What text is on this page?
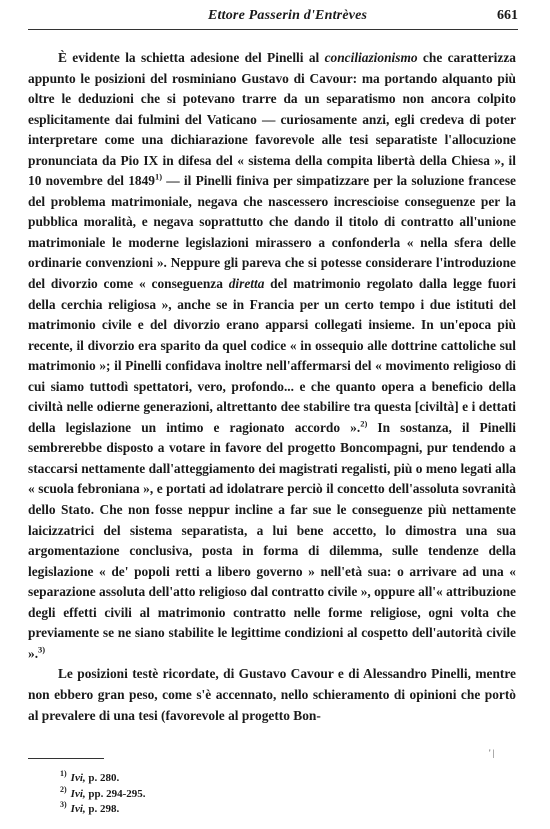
Ettore Passerin d'Entrèves	661

È evidente la schietta adesione del Pinelli al conciliazionismo che caratterizza appunto le posizioni del rosminiano Gustavo di Cavour: ma portando alquanto più oltre le deduzioni che si potevano trarre da un separatismo non ancora colpito esplicitamente dai fulmini del Vaticano — curiosamente anzi, egli credeva di poter interpretare come una dichiarazione favorevole alle tesi separatiste l'allocuzione pronunciata da Pio IX in difesa del « sistema della compita libertà della Chiesa », il 10 novembre del 1849$^{1)}$ — il Pinelli finiva per simpatizzare per la soluzione francese del problema matrimoniale, negava che nascessero increscioise conseguenze per la pubblica moralità, e negava soprattutto che dando il titolo di contratto all'unione matrimoniale le moderne legislazioni mirassero a confonderla « nella sfera delle ordinarie convenzioni ». Neppure gli pareva che si potesse considerare l'introduzione del divorzio come « conseguenza diretta del matrimonio regolato dalla legge fuori della cerchia religiosa », anche se in Francia per un certo tempo i due istituti del matrimonio civile e del divorzio erano apparsi collegati insieme. In un'epoca più recente, il divorzio era sparito da quel codice « in ossequio alle dottrine cattoliche sul matrimonio »; il Pinelli confidava inoltre nell'affermarsi del « movimento religioso di cui siamo tuttodì spettatori, vero, profondo... e che quanto opera a beneficio della civiltà nelle odierne generazioni, altrettanto dee stabilire tra questa [civiltà] e i dettati della legislazione un intimo e ragionato accordo ».$^{2)}$ In sostanza, il Pinelli sembrerebbe disposto a votare in favore del progetto Boncompagni, pur tendendo a staccarsi nettamente dall'atteggiamento dei magistrati regalisti, più o meno legati alla « scuola febroniana », e portati ad idolatrare perciò il concetto dell'assoluta sovranità dello Stato. Che non fosse neppur incline a far sue le conseguenze più nettamente laicizzatrici del sistema separatista, a lui bene accetto, lo dimostra una sua argomentazione conclusiva, posta in forma di dilemma, sulle tendenze della legislazione « de' popoli retti a libero governo » nell'età sua: o arrivare ad una « separazione assoluta dell'atto religioso dal contratto civile », oppure all'« attribuzione degli effetti civili al matrimonio contratto nelle forme religiose, ogni volta che previamente se ne siano stabilite le legittime condizioni al cospetto dell'autorità civile ».$^{3)}$

Le posizioni testè ricordate, di Gustavo Cavour e di Alessandro Pinelli, mentre non ebbero gran peso, come s'è accennato, nello schieramento di opinioni che portò al prevalere di una tesi (favorevole al progetto Bon-

' |
$^{1)}$ Ivi, p. 280.
$^{2)}$ Ivi, pp. 294-295.
$^{3)}$ Ivi, p. 298.
